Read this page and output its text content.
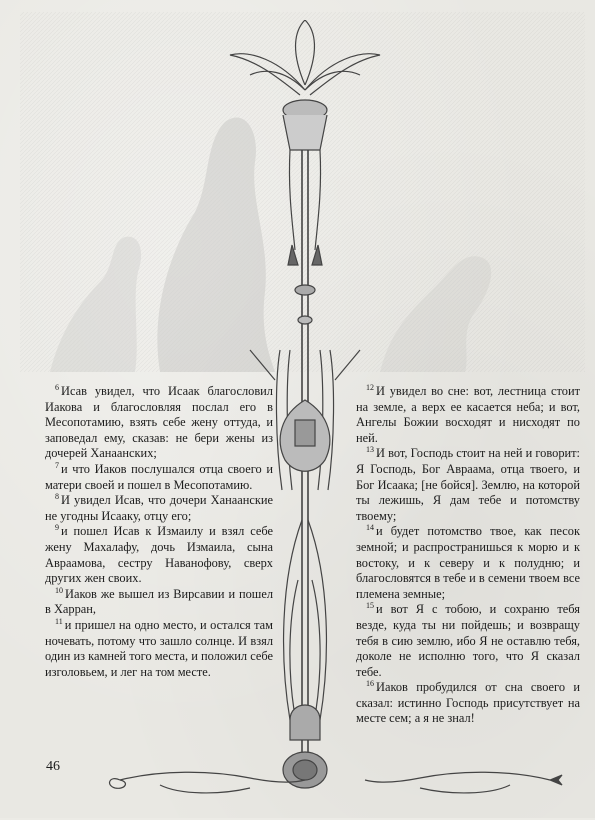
$^6$ Исав увидел, что Исаак благословил Иакова и благословляя послал его в Месопотамию, взять себе жену оттуда, и заповедал ему, сказав: не бери жены из дочерей Ханаанских;

$^7$ и что Иаков послушался отца своего и матери своей и пошел в Месопотамию.

$^8$ И увидел Исав, что дочери Ханаанские не угодны Исааку, отцу его;

$^9$ и пошел Исав к Измаилу и взял себе жену Махалафу, дочь Измаила, сына Авраамова, сестру Наванофову, сверх других жен своих.

$^{10}$ Иаков же вышел из Вирсавии и пошел в Харран,

$^{11}$ и пришел на одно место, и остался там ночевать, потому что зашло солнце. И взял один из камней того места, и положил себе изголовьем, и лег на том месте.

$^{12}$ И увидел во сне: вот, лестница стоит на земле, а верх ее касается неба; и вот, Ангелы Божии восходят и нисходят по ней.

$^{13}$ И вот, Господь стоит на ней и говорит: Я Господь, Бог Авраама, отца твоего, и Бог Исаака; [не бойся]. Землю, на которой ты лежишь, Я дам тебе и потомству твоему;

$^{14}$ и будет потомство твое, как песок земной; и распространишься к морю и к востоку, и к северу и к полудню; и благословятся в тебе и в семени твоем все племена земные;

$^{15}$ и вот Я с тобою, и сохраню тебя везде, куда ты ни пойдешь; и возвращу тебя в сию землю, ибо Я не оставлю тебя, доколе не исполню того, что Я сказал тебе.

$^{16}$ Иаков пробудился от сна своего и сказал: истинно Господь присутствует на месте сем; а я не знал!

46
